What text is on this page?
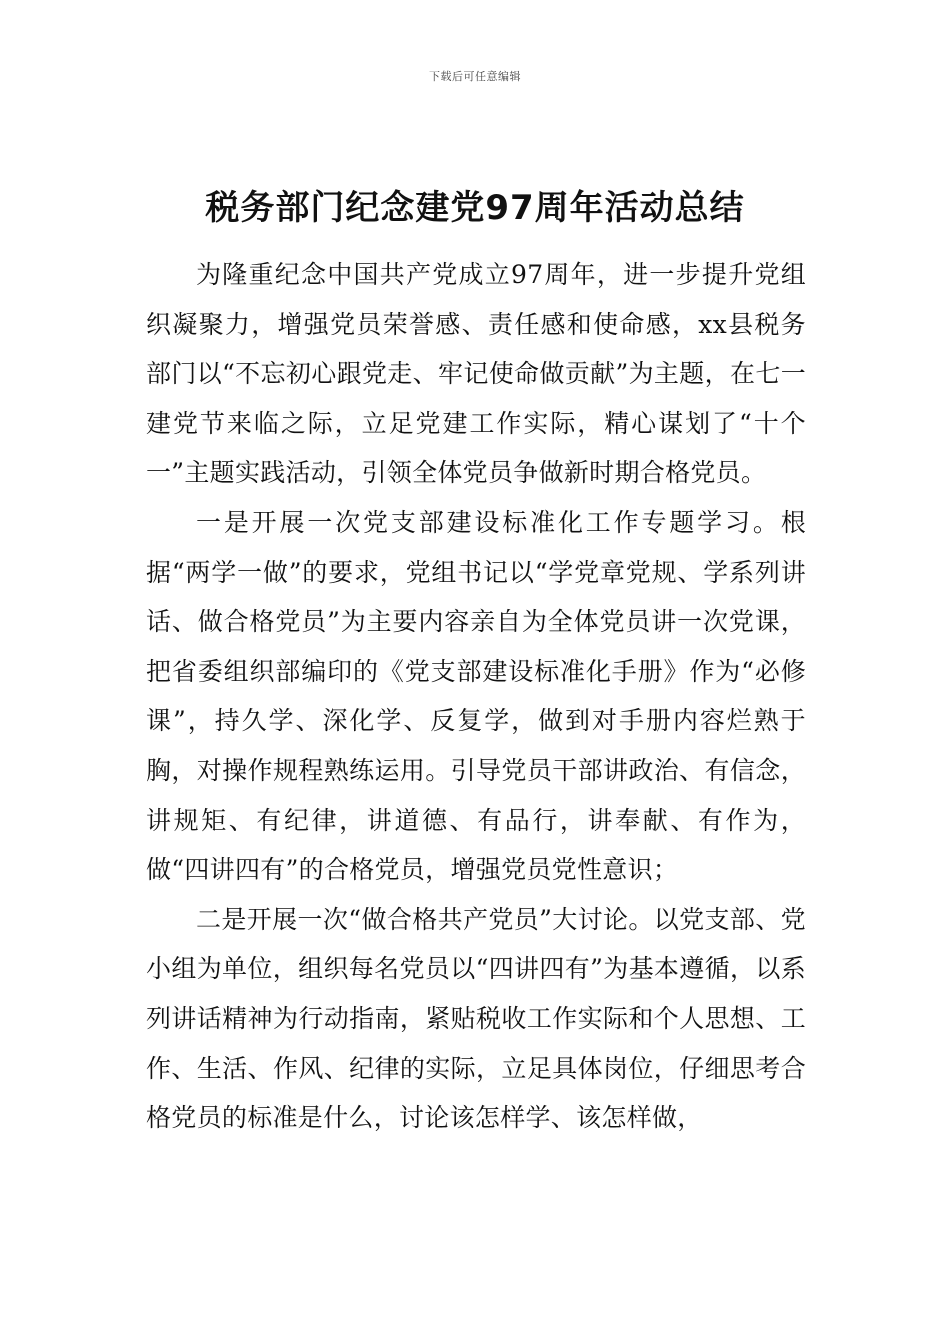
下载后可任意编辑
税务部门纪念建党97周年活动总结

为隆重纪念中国共产党成立97周年，进一步提升党组织凝聚力，增强党员荣誉感、责任感和使命感，xx县税务部门以“不忘初心跟党走、牢记使命做贡献”为主题，在七一建党节来临之际，立足党建工作实际，精心谋划了“十个一”主题实践活动，引领全体党员争做新时期合格党员。

一是开展一次党支部建设标准化工作专题学习。根据“两学一做”的要求，党组书记以“学党章党规、学系列讲话、做合格党员”为主要内容亲自为全体党员讲一次党课，把省委组织部编印的《党支部建设标准化手册》作为“必修课”，持久学、深化学、反复学，做到对手册内容烂熟于胸，对操作规程熟练运用。引导党员干部讲政治、有信念，讲规矩、有纪律，讲道德、有品行，讲奉献、有作为，做“四讲四有”的合格党员，增强党员党性意识；

二是开展一次“做合格共产党员”大讨论。以党支部、党小组为单位，组织每名党员以“四讲四有”为基本遵循，以系列讲话精神为行动指南，紧贴税收工作实际和个人思想、工作、生活、作风、纪律的实际，立足具体岗位，仔细思考合格党员的标准是什么，讨论该怎样学、该怎样做，
